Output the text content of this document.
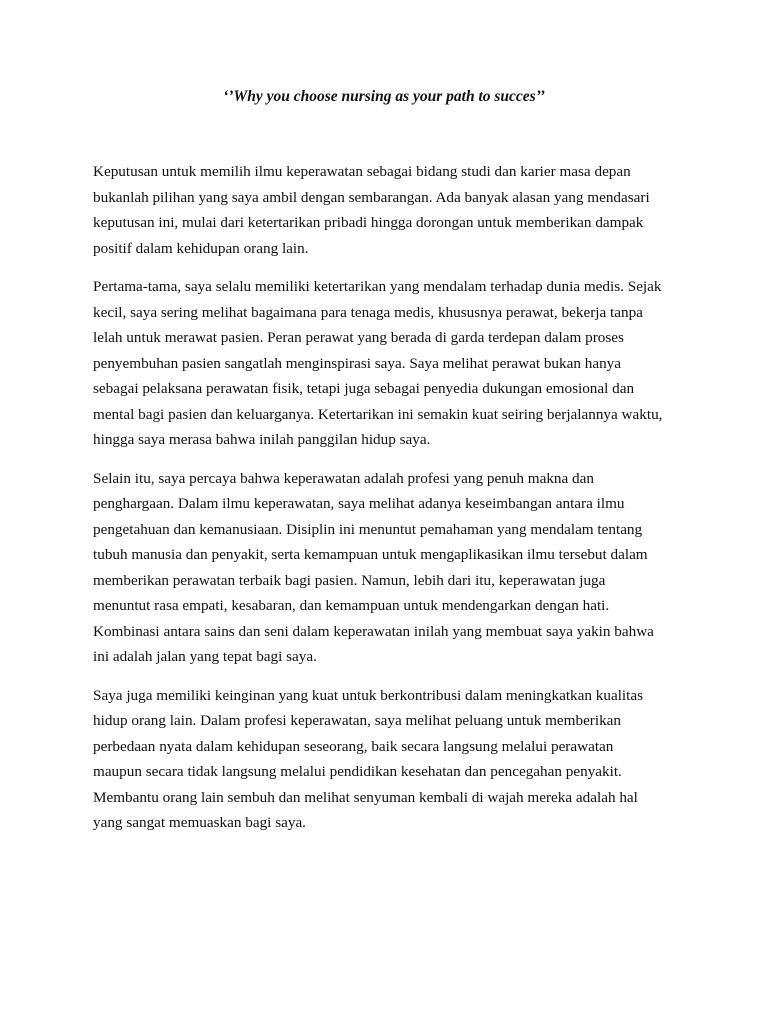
‘’Why you choose nursing as your path to succes’’

Keputusan untuk memilih ilmu keperawatan sebagai bidang studi dan karier masa depan
bukanlah pilihan yang saya ambil dengan sembarangan. Ada banyak alasan yang mendasari
keputusan ini, mulai dari ketertarikan pribadi hingga dorongan untuk memberikan dampak
positif dalam kehidupan orang lain.

Pertama-tama, saya selalu memiliki ketertarikan yang mendalam terhadap dunia medis. Sejak
kecil, saya sering melihat bagaimana para tenaga medis, khususnya perawat, bekerja tanpa
lelah untuk merawat pasien. Peran perawat yang berada di garda terdepan dalam proses
penyembuhan pasien sangatlah menginspirasi saya. Saya melihat perawat bukan hanya
sebagai pelaksana perawatan fisik, tetapi juga sebagai penyedia dukungan emosional dan
mental bagi pasien dan keluarganya. Ketertarikan ini semakin kuat seiring berjalannya waktu,
hingga saya merasa bahwa inilah panggilan hidup saya.

Selain itu, saya percaya bahwa keperawatan adalah profesi yang penuh makna dan
penghargaan. Dalam ilmu keperawatan, saya melihat adanya keseimbangan antara ilmu
pengetahuan dan kemanusiaan. Disiplin ini menuntut pemahaman yang mendalam tentang
tubuh manusia dan penyakit, serta kemampuan untuk mengaplikasikan ilmu tersebut dalam
memberikan perawatan terbaik bagi pasien. Namun, lebih dari itu, keperawatan juga
menuntut rasa empati, kesabaran, dan kemampuan untuk mendengarkan dengan hati.
Kombinasi antara sains dan seni dalam keperawatan inilah yang membuat saya yakin bahwa
ini adalah jalan yang tepat bagi saya.

Saya juga memiliki keinginan yang kuat untuk berkontribusi dalam meningkatkan kualitas
hidup orang lain. Dalam profesi keperawatan, saya melihat peluang untuk memberikan
perbedaan nyata dalam kehidupan seseorang, baik secara langsung melalui perawatan
maupun secara tidak langsung melalui pendidikan kesehatan dan pencegahan penyakit.
Membantu orang lain sembuh dan melihat senyuman kembali di wajah mereka adalah hal
yang sangat memuaskan bagi saya.
